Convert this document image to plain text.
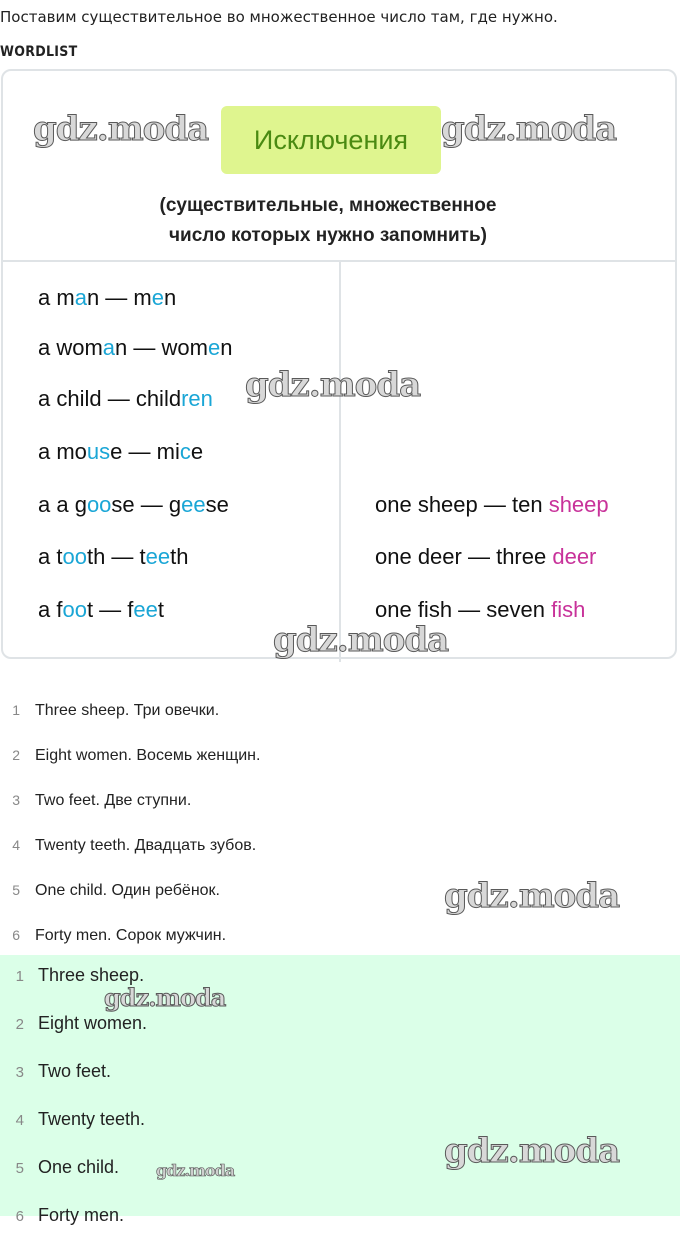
Поставим существительное во множественное число там, где нужно.
WORDLIST
Исключения
(существительные, множественное
число которых нужно запомнить)
a man — men
a woman — women
a child — children
a mouse — mice
a a goose — geese
a tooth — teeth
a foot — feet
one sheep — ten sheep
one deer — three deer
one fish — seven fish
gdz.moda	gdz.moda
gdz.moda
gdz.moda
1 Three sheep. Три овечки.
2 Eight women. Восемь женщин.
3 Two feet. Две ступни.
4 Twenty teeth. Двадцать зубов.
5 One child. Один ребёнок.
6 Forty men. Сорок мужчин.
gdz.moda
1 Three sheep.
2 Eight women.
3 Two feet.
4 Twenty teeth.
5 One child.
6 Forty men.
gdz.moda
gdz.moda	gdz.moda
